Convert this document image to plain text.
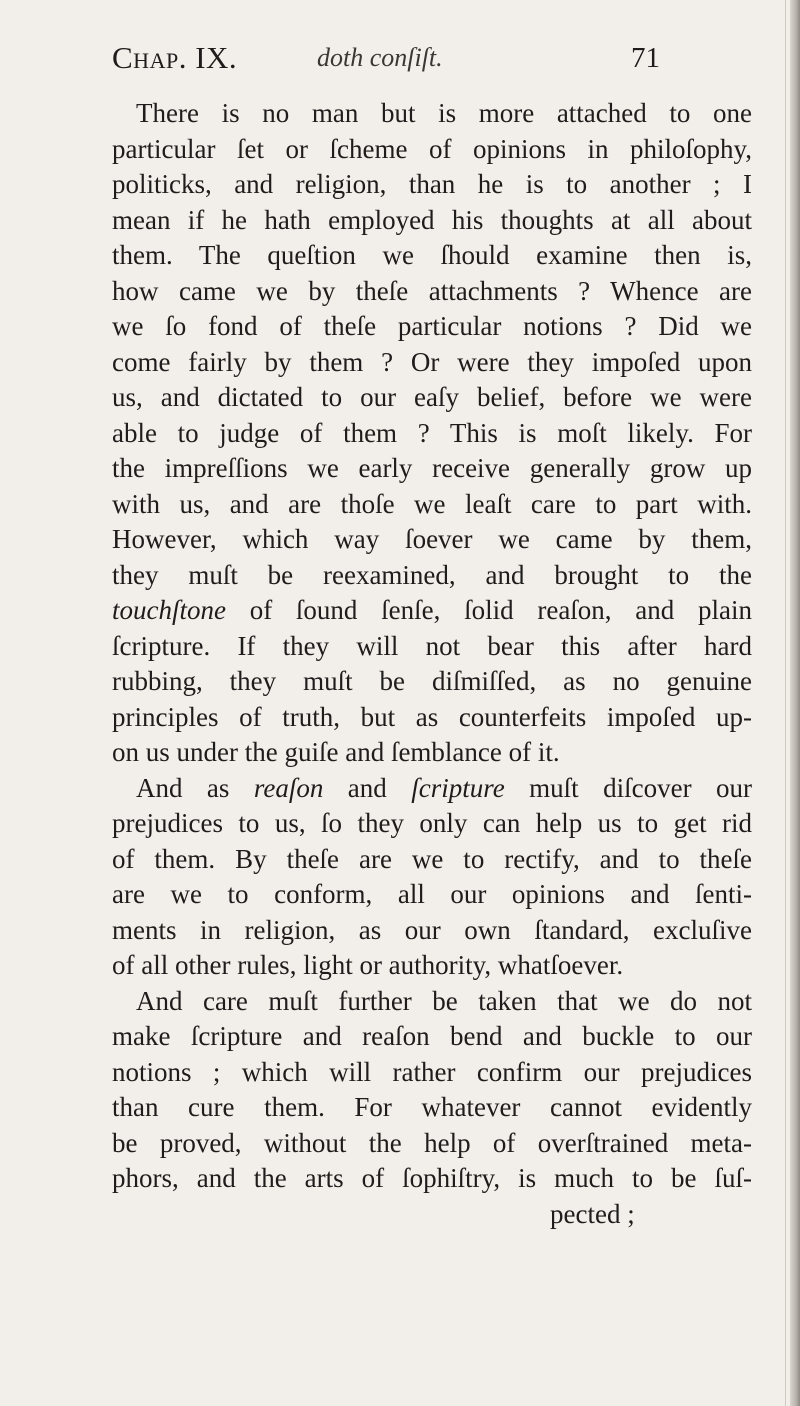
Chap. IX.	doth conſiſt.	71
There is no man but is more attached to one
particular ſet or ſcheme of opinions in philoſophy,
politicks, and religion, than he is to another ; I
mean if he hath employed his thoughts at all about
them. The queſtion we ſhould examine then is,
how came we by theſe attachments ? Whence are
we ſo fond of theſe particular notions ? Did we
come fairly by them ? Or were they impoſed upon
us, and dictated to our eaſy belief, before we were
able to judge of them ? This is moſt likely. For
the impreſſions we early receive generally grow up
with us, and are thoſe we leaſt care to part with.
However, which way ſoever we came by them,
they muſt be reexamined, and brought to the
touchſtone of ſound ſenſe, ſolid reaſon, and plain
ſcripture. If they will not bear this after hard
rubbing, they muſt be diſmiſſed, as no genuine
principles of truth, but as counterfeits impoſed up-
on us under the guiſe and ſemblance of it.
And as reaſon and ſcripture muſt diſcover our
prejudices to us, ſo they only can help us to get rid
of them. By theſe are we to rectify, and to theſe
are we to conform, all our opinions and ſenti-
ments in religion, as our own ſtandard, excluſive
of all other rules, light or authority, whatſoever.
And care muſt further be taken that we do not
make ſcripture and reaſon bend and buckle to our
notions ; which will rather confirm our prejudices
than cure them. For whatever cannot evidently
be proved, without the help of overſtrained meta-
phors, and the arts of ſophiſtry, is much to be ſuſ-
pected ;
